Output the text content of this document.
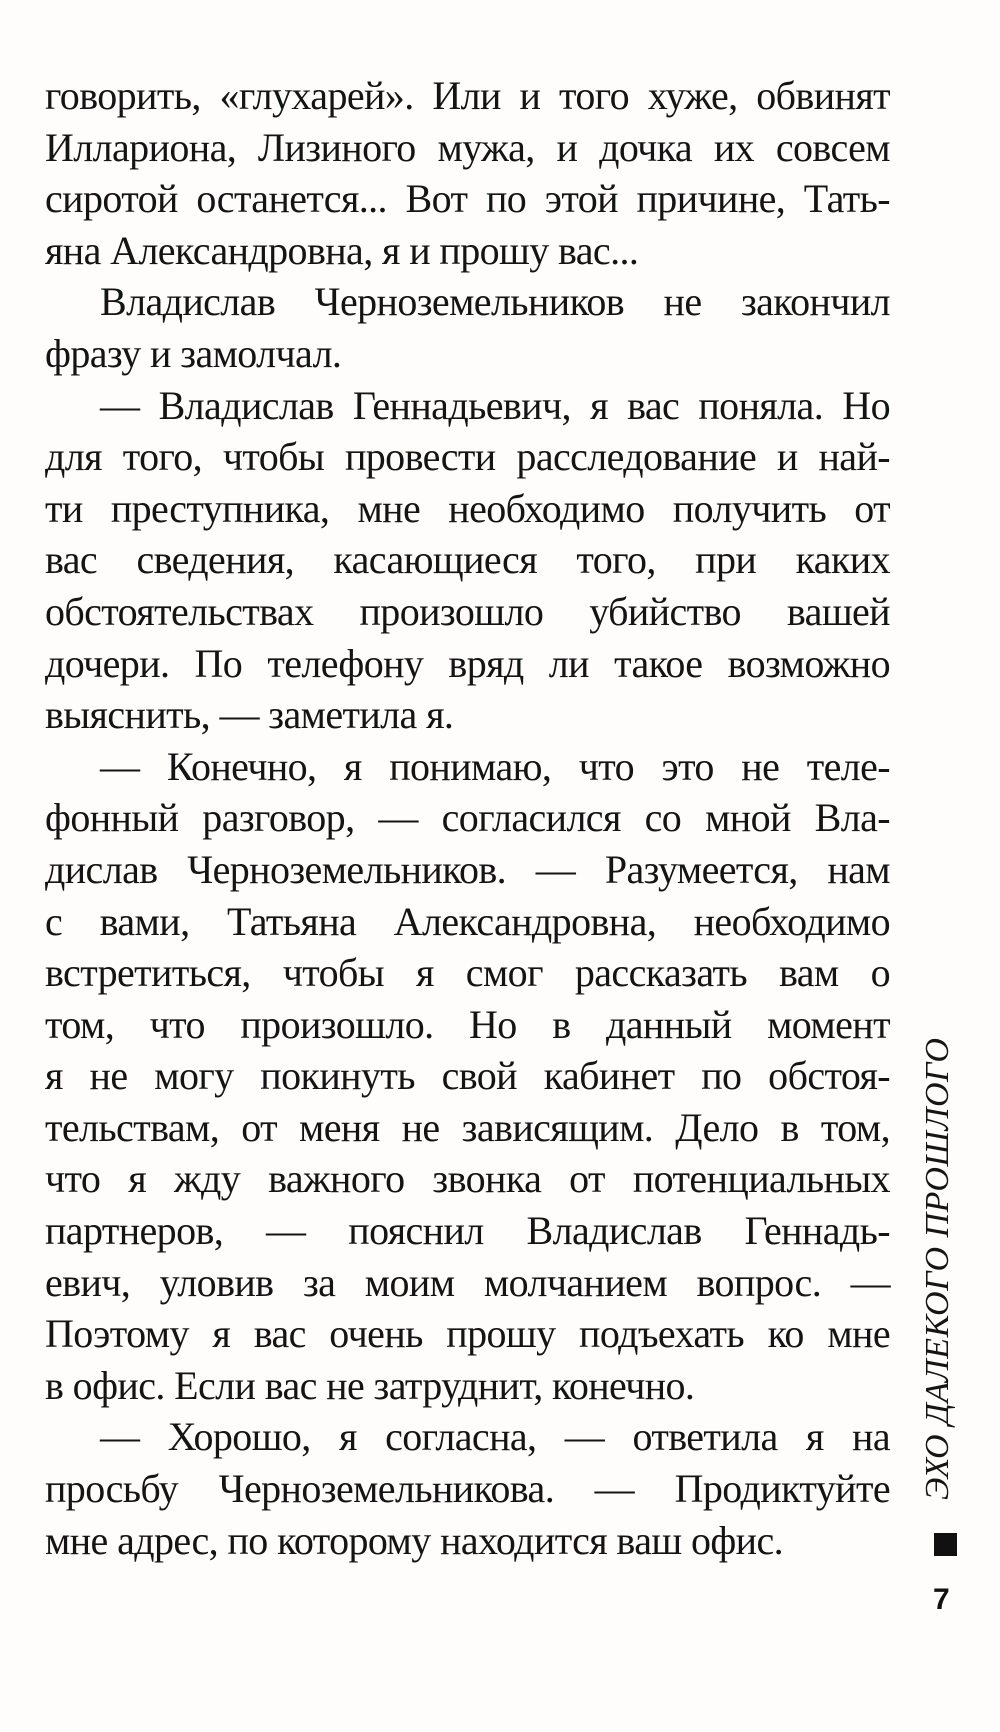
говорить, «глухарей». Или и того хуже, обвинят
Иллариона, Лизиного мужа, и дочка их совсем
сиротой останется... Вот по этой причине, Тать-
яна Александровна, я и прошу вас...
Владислав Черноземельников не закончил
фразу и замолчал.
— Владислав Геннадьевич, я вас поняла. Но
для того, чтобы провести расследование и най-
ти преступника, мне необходимо получить от
вас сведения, касающиеся того, при каких
обстоятельствах произошло убийство вашей
дочери. По телефону вряд ли такое возможно
выяснить, — заметила я.
— Конечно, я понимаю, что это не теле-
фонный разговор, — согласился со мной Вла-
дислав Черноземельников. — Разумеется, нам
с вами, Татьяна Александровна, необходимо
встретиться, чтобы я смог рассказать вам о
том, что произошло. Но в данный момент
я не могу покинуть свой кабинет по обстоя-
тельствам, от меня не зависящим. Дело в том,
что я жду важного звонка от потенциальных
партнеров, — пояснил Владислав Геннадь-
евич, уловив за моим молчанием вопрос. —
Поэтому я вас очень прошу подъехать ко мне
в офис. Если вас не затруднит, конечно.
— Хорошо, я согласна, — ответила я на
просьбу Черноземельникова. — Продиктуйте
мне адрес, по которому находится ваш офис.
ЭХО ДАЛЕКОГО ПРОШЛОГО
7
